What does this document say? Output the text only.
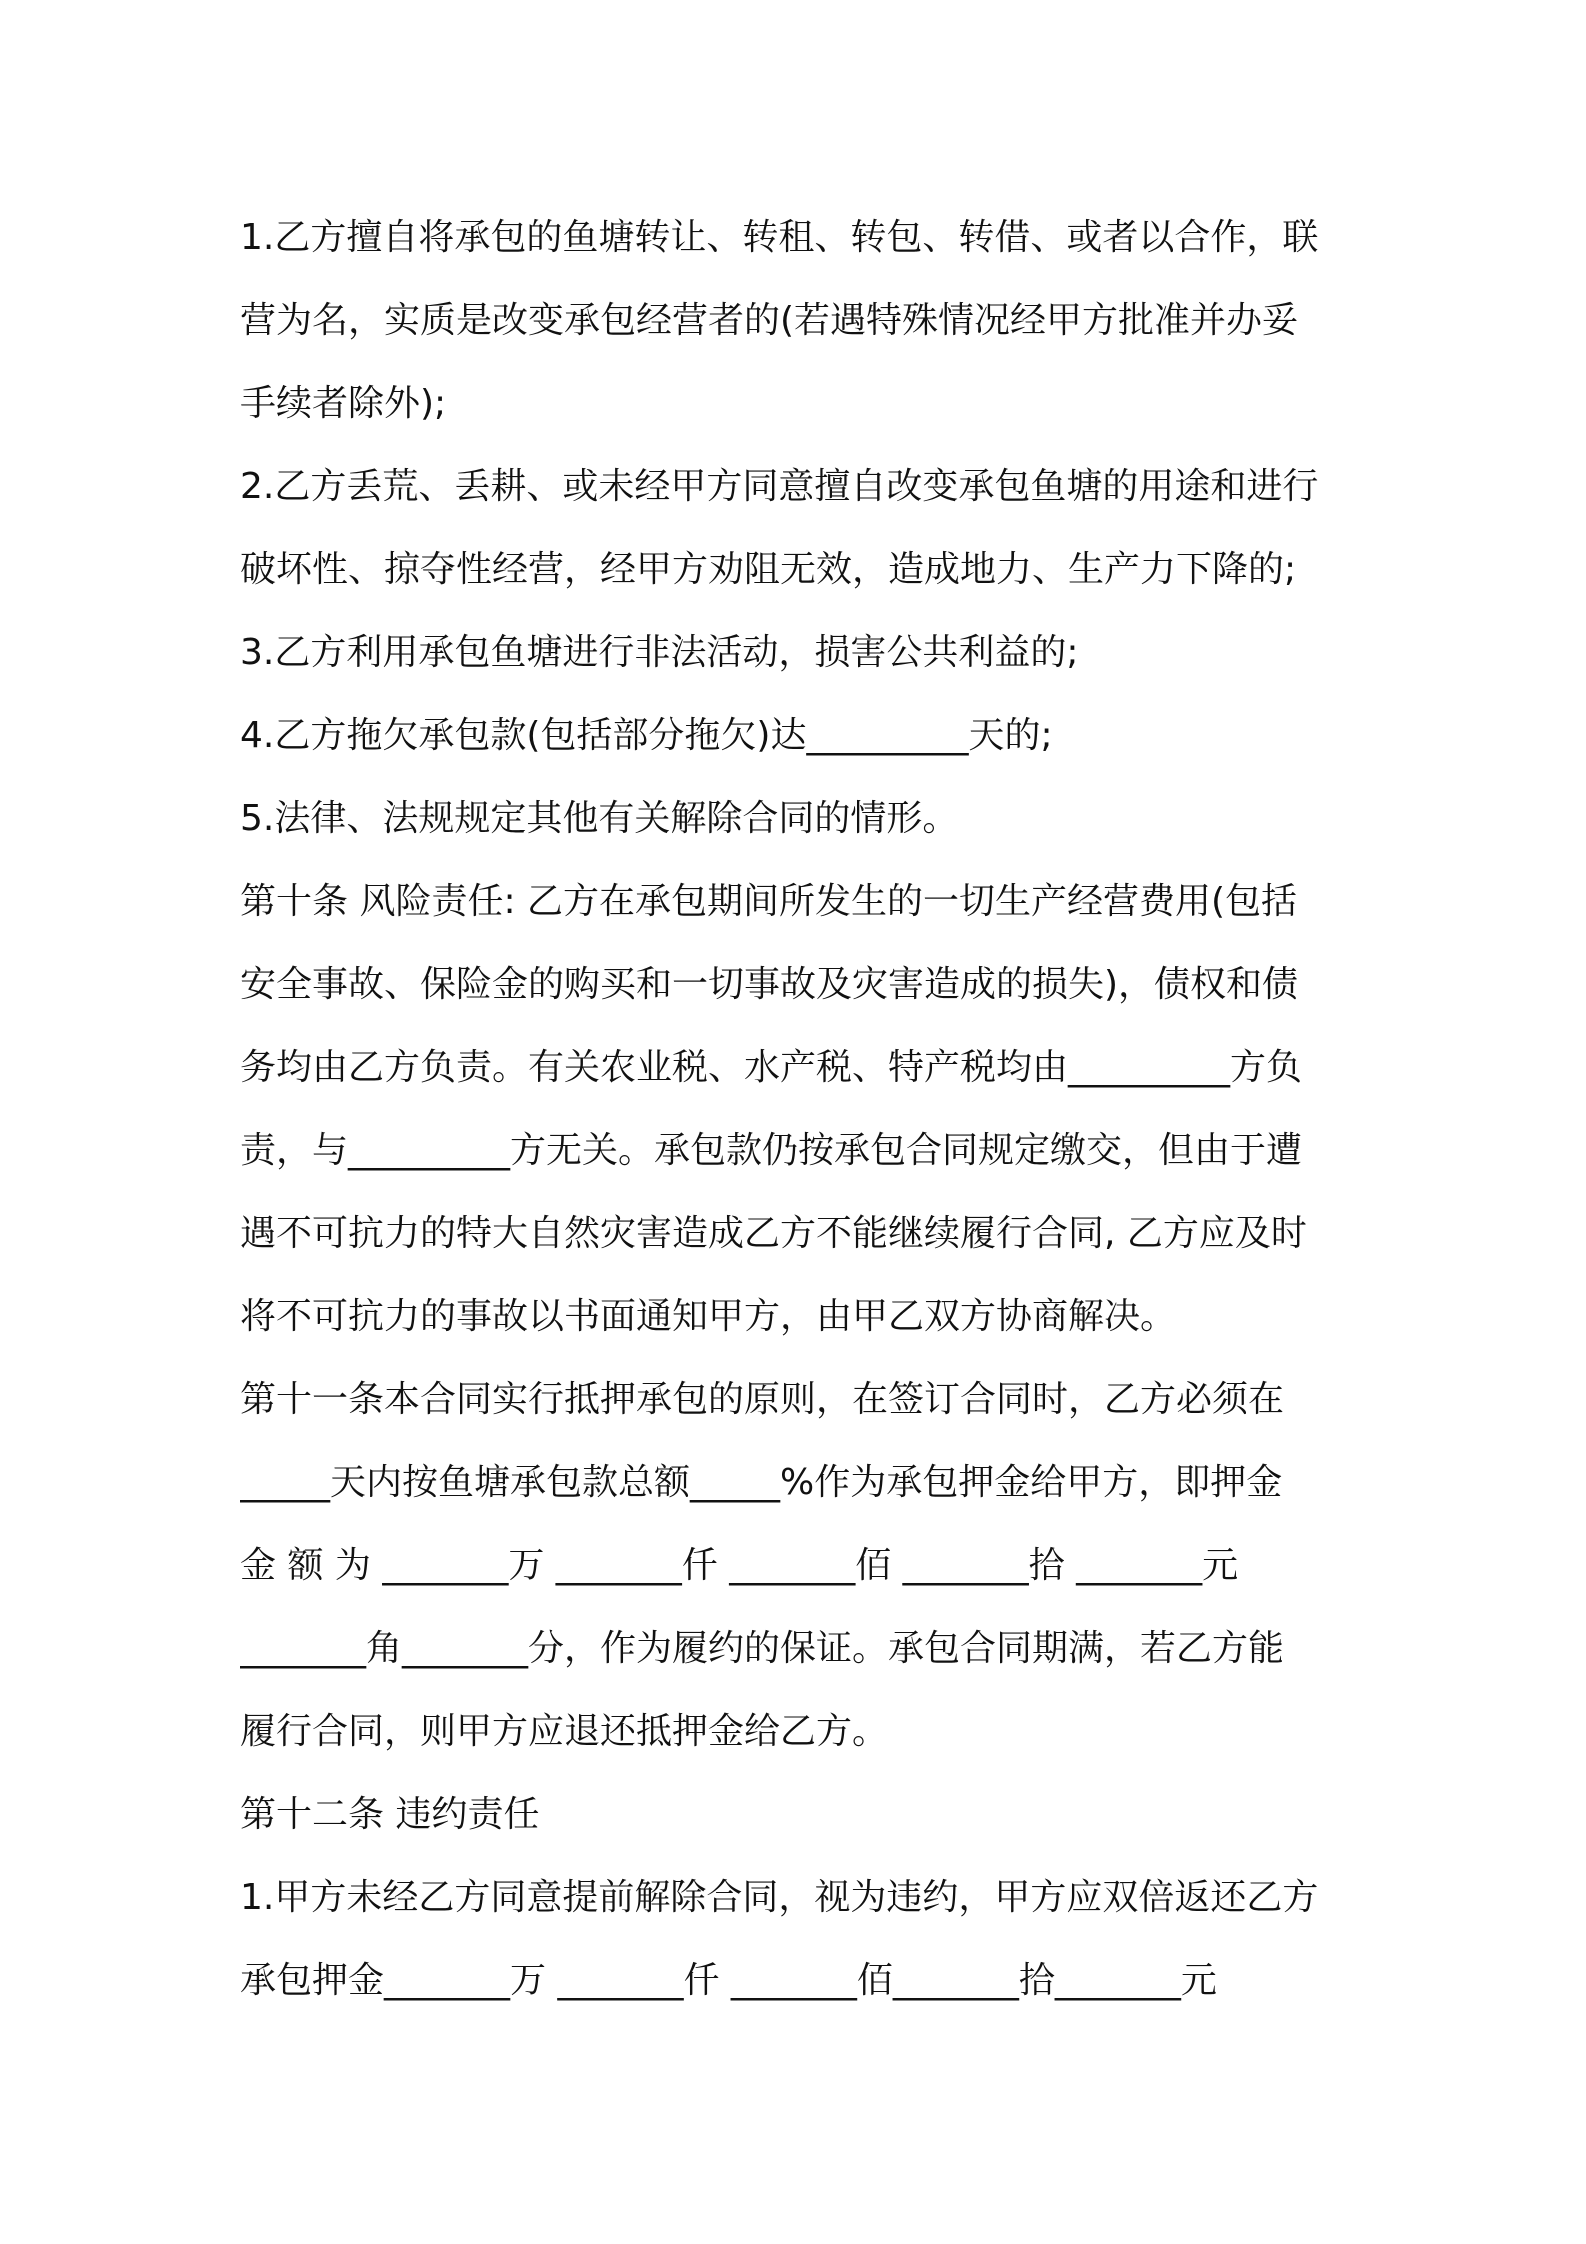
1.乙方擅自将承包的鱼塘转让、转租、转包、转借、或者以合作，联
营为名，实质是改变承包经营者的(若遇特殊情况经甲方批准并办妥
手续者除外);
2.乙方丢荒、丢耕、或未经甲方同意擅自改变承包鱼塘的用途和进行
破坏性、掠夺性经营，经甲方劝阻无效，造成地力、生产力下降的;
3.乙方利用承包鱼塘进行非法活动，损害公共利益的;
4.乙方拖欠承包款(包括部分拖欠)达_________天的;
5.法律、法规规定其他有关解除合同的情形。
第十条 风险责任: 乙方在承包期间所发生的一切生产经营费用(包括
安全事故、保险金的购买和一切事故及灾害造成的损失)，债权和债
务均由乙方负责。有关农业税、水产税、特产税均由_________方负
责，与_________方无关。承包款仍按承包合同规定缴交，但由于遭
遇不可抗力的特大自然灾害造成乙方不能继续履行合同, 乙方应及时
将不可抗力的事故以书面通知甲方，由甲乙双方协商解决。
第十一条本合同实行抵押承包的原则，在签订合同时，乙方必须在
_____天内按鱼塘承包款总额_____%作为承包押金给甲方，即押金
金 额 为 _______万 _______仟 _______佰 _______拾 _______元
_______角_______分，作为履约的保证。承包合同期满，若乙方能
履行合同，则甲方应退还抵押金给乙方。
第十二条 违约责任
1.甲方未经乙方同意提前解除合同，视为违约，甲方应双倍返还乙方
承包押金_______万 _______仟 _______佰_______拾_______元
